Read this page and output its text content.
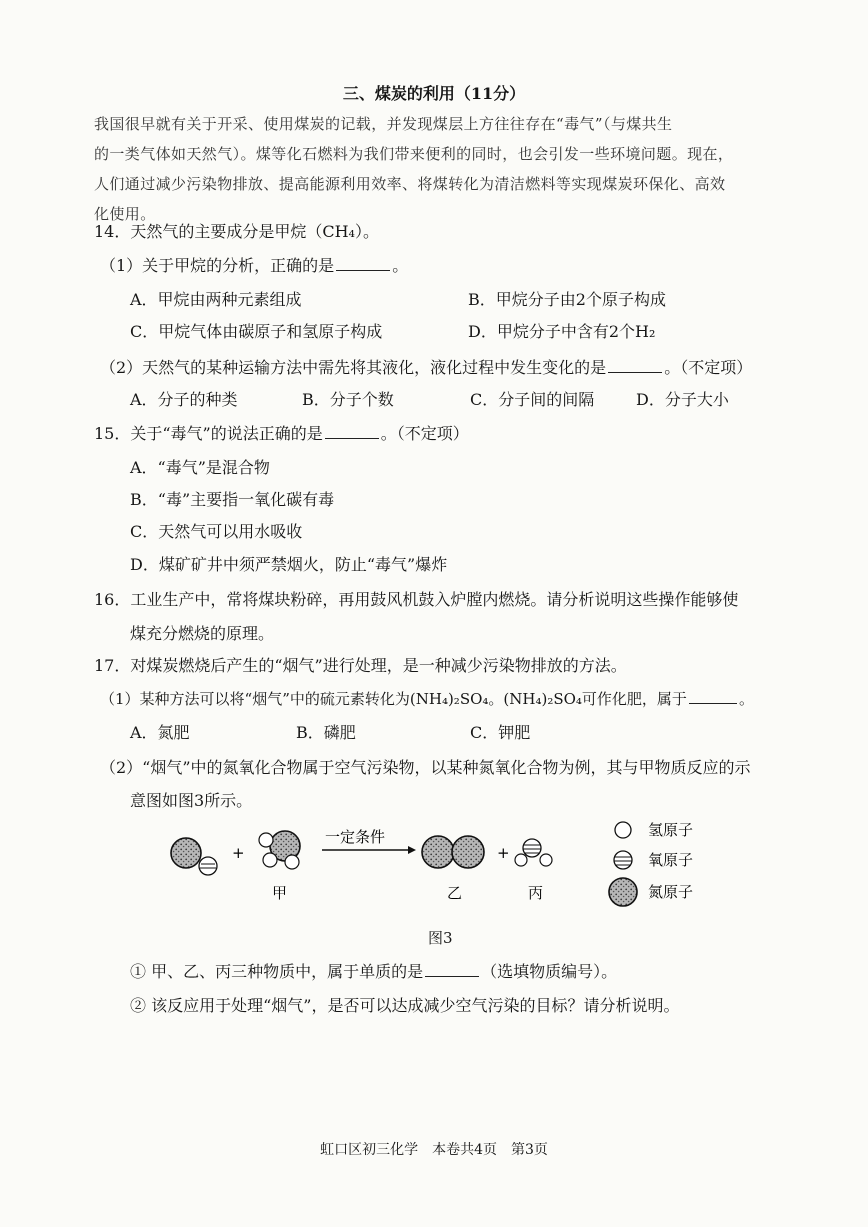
三、煤炭的利用（11分）
我国很早就有关于开采、使用煤炭的记载，并发现煤层上方往往存在“毒气”（与煤共生
的一类气体如天然气）。煤等化石燃料为我们带来便利的同时，也会引发一些环境问题。现在，
人们通过减少污染物排放、提高能源利用效率、将煤转化为清洁燃料等实现煤炭环保化、高效
化使用。
14．天然气的主要成分是甲烷（CH₄）。
（1）关于甲烷的分析，正确的是	。
A．甲烷由两种元素组成	B．甲烷分子由2个原子构成
C．甲烷气体由碳原子和氢原子构成	D．甲烷分子中含有2个H₂
（2）天然气的某种运输方法中需先将其液化，液化过程中发生变化的是	。（不定项）
A．分子的种类	B．分子个数	C．分子间的间隔	D．分子大小
15．关于“毒气”的说法正确的是	。（不定项）
A．“毒气”是混合物
B．“毒”主要指一氧化碳有毒
C．天然气可以用水吸收
D．煤矿矿井中须严禁烟火，防止“毒气”爆炸
16．工业生产中，常将煤块粉碎，再用鼓风机鼓入炉膛内燃烧。请分析说明这些操作能够使
煤充分燃烧的原理。
17．对煤炭燃烧后产生的“烟气”进行处理，是一种减少污染物排放的方法。
（1）某种方法可以将“烟气”中的硫元素转化为(NH₄)₂SO₄。(NH₄)₂SO₄可作化肥，属于	。
A．氮肥	B．磷肥	C．钾肥
（2）“烟气”中的氮氧化合物属于空气污染物，以某种氮氧化合物为例，其与甲物质反应的示
意图如图3所示。
+
一定条件
+
甲	乙	丙
氢原子
氧原子
氮原子
图3
① 甲、乙、丙三种物质中，属于单质的是	（选填物质编号）。
② 该反应用于处理“烟气”，是否可以达成减少空气污染的目标？请分析说明。
虹口区初三化学　本卷共4页　第3页
